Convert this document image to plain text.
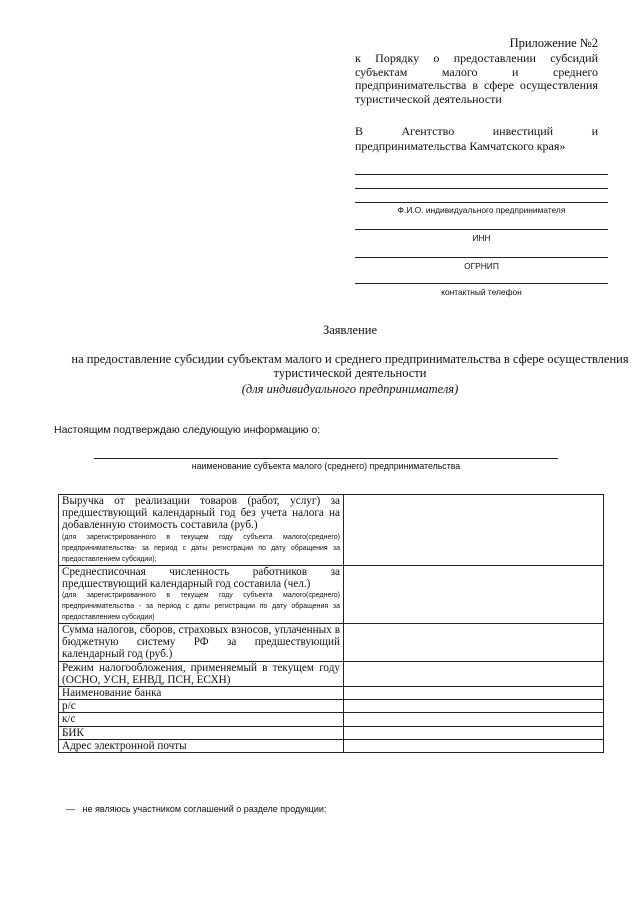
Приложение №2
к Порядку о предоставлении субсидий субъектам малого и среднего предпринимательства в сфере осуществления туристической деятельности
В Агентство инвестиций и
предпринимательства Камчатского края»
Ф.И.О. индивидуального предпринимателя
ИНН
ОГРНИП
контактный телефон
Заявление
на предоставление субсидии субъектам малого и среднего предпринимательства в сфере осуществления туристической деятельности
(для индивидуального предпринимателя)
Настоящим подтверждаю следующую информацию о:
наименование субъекта малого (среднего) предпринимательства
Выручка от реализации товаров (работ, услуг) за предшествующий календарный год без учета налога на добавленную стоимость составила (руб.)
(для зарегистрированного в текущем году субъекта малого(среднего) предпринимательства- за период с даты регистрации по дату обращения за предоставлением субсидии);	

Среднесписочная численность работников за предшествующий календарный год составила (чел.)
(для зарегистрированного в текущем году субъекта малого(среднего) предпринимательства - за период с даты регистрации по дату обращения за предоставлением субсидии)	

Сумма налогов, сборов, страховых взносов, уплаченных в бюджетную систему РФ за предшествующий календарный год (руб.)	

Режим налогообложения, применяемый в текущем году (ОСНО, УСН, ЕНВД, ПСН, ЕСХН)	

Наименование банка	

р/с	

к/с	

БИК	

Адрес электронной почты	

— не являюсь участником соглашений о разделе продукции;
